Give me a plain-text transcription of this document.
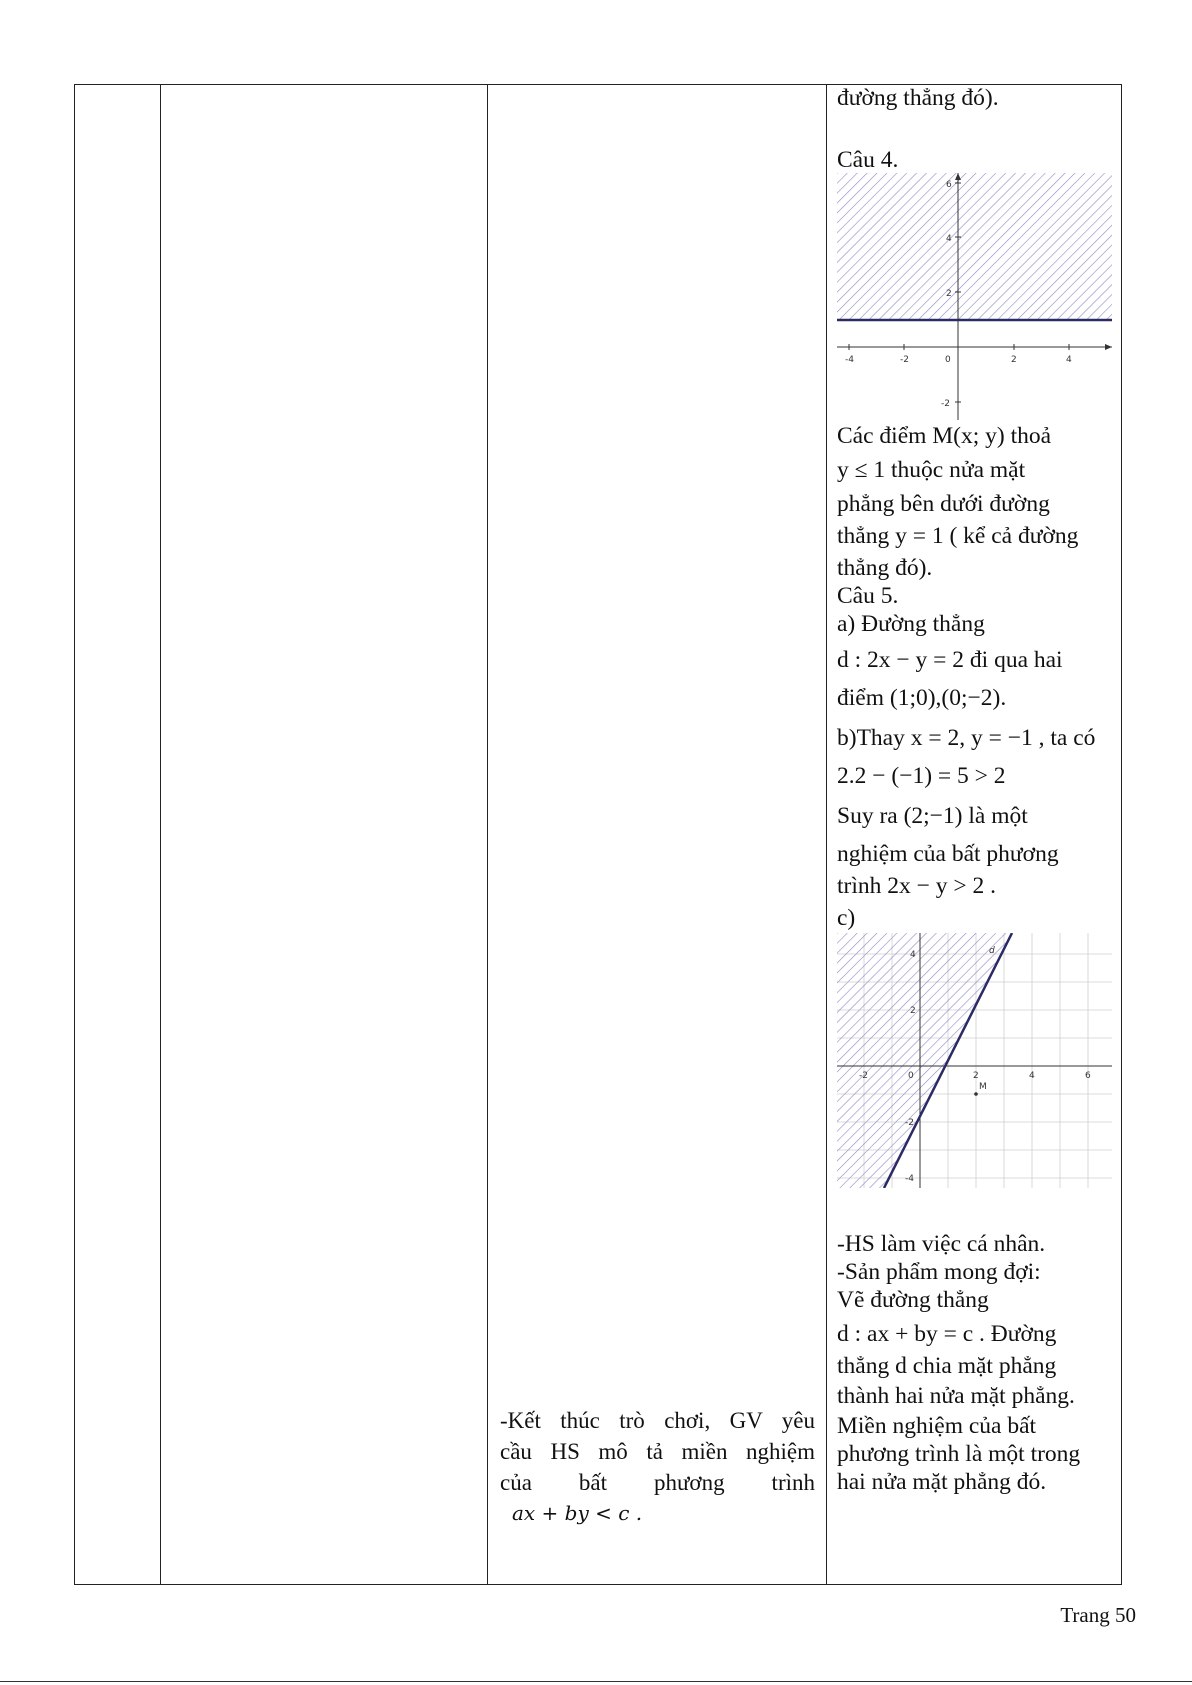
-Kết thúc trò chơi, GV yêu
cầu HS mô tả miền nghiệm
của bất phương trình
ax + by < c .
đường thẳng đó).
Câu 4.
-4	-2	0	2	4
6
4
2
-2
Các điểm M(x; y) thoả
y ≤ 1 thuộc nửa mặt
phẳng bên dưới đường
thẳng y = 1 ( kể cả đường
thẳng đó).
Câu 5.
a) Đường thẳng
d : 2x − y = 2 đi qua hai
điểm (1;0),(0;−2).
b)Thay x = 2, y = −1 , ta có
2.2 − (−1) = 5 > 2
Suy ra (2;−1) là một
nghiệm của bất phương
trình 2x − y > 2 .
c)
-2	0	2	4	6
4
2
-2
-4
M
d
-HS làm việc cá nhân.
-Sản phẩm mong đợi:
Vẽ đường thẳng
d : ax + by = c . Đường
thẳng d chia mặt phẳng
thành hai nửa mặt phẳng.
Miền nghiệm của bất
phương trình là một trong
hai nửa mặt phẳng đó.
Trang 50
